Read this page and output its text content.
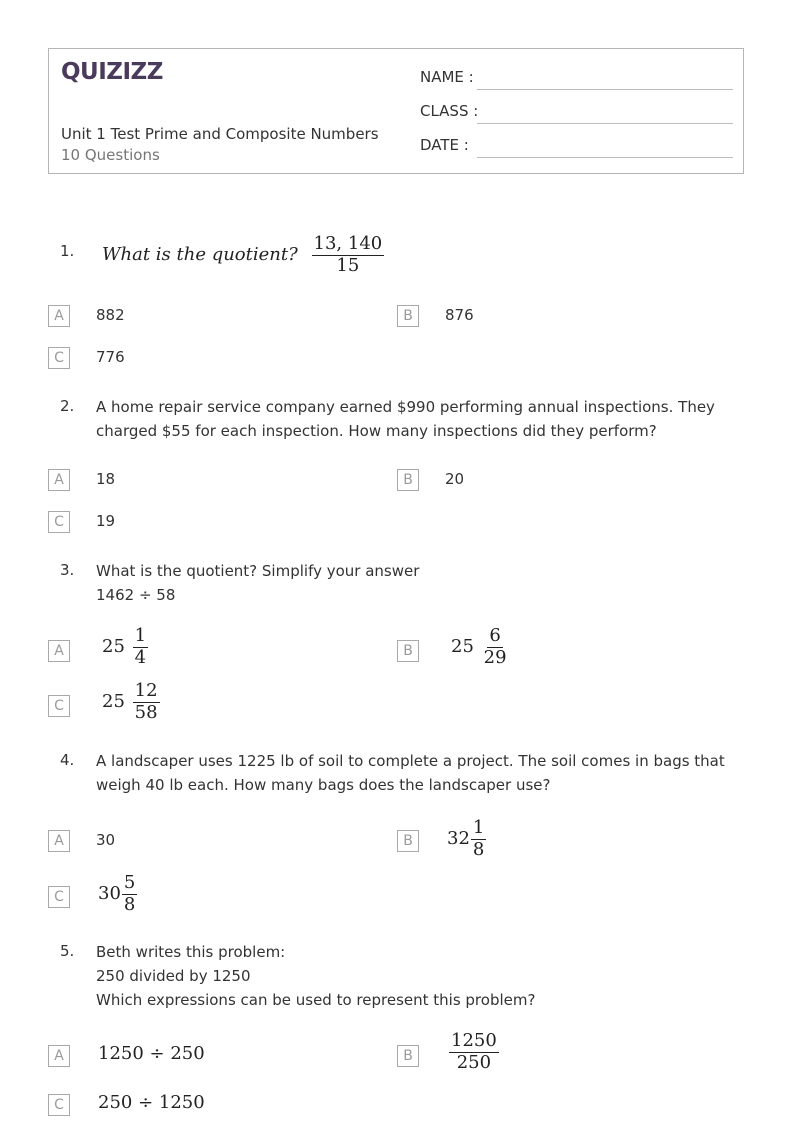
QUIZIZZ
Unit 1 Test Prime and Composite Numbers
10 Questions
NAME :
CLASS :
DATE :
1. What is the quotient? $\frac{13, 140}{15}$
A	882	B	876
C	776
2. A home repair service company earned $990 performing annual inspections. They
charged $55 for each inspection. How many inspections did they perform?
A	18	B	20
C	19
3. What is the quotient? Simplify your answer
1462 ÷ 58
A	$25 \frac{1}{4}$	B	$25 \frac{6}{29}$
C	$25 \frac{12}{58}$
4. A landscaper uses 1225 lb of soil to complete a project. The soil comes in bags that
weigh 40 lb each. How many bags does the landscaper use?
A	30	B	$32 \frac{1}{8}$
C	$30 \frac{5}{8}$
5. Beth writes this problem:
250 divided by 1250
Which expressions can be used to represent this problem?
A	1250 ÷ 250	B	$\frac{1250}{250}$
C	250 ÷ 1250
